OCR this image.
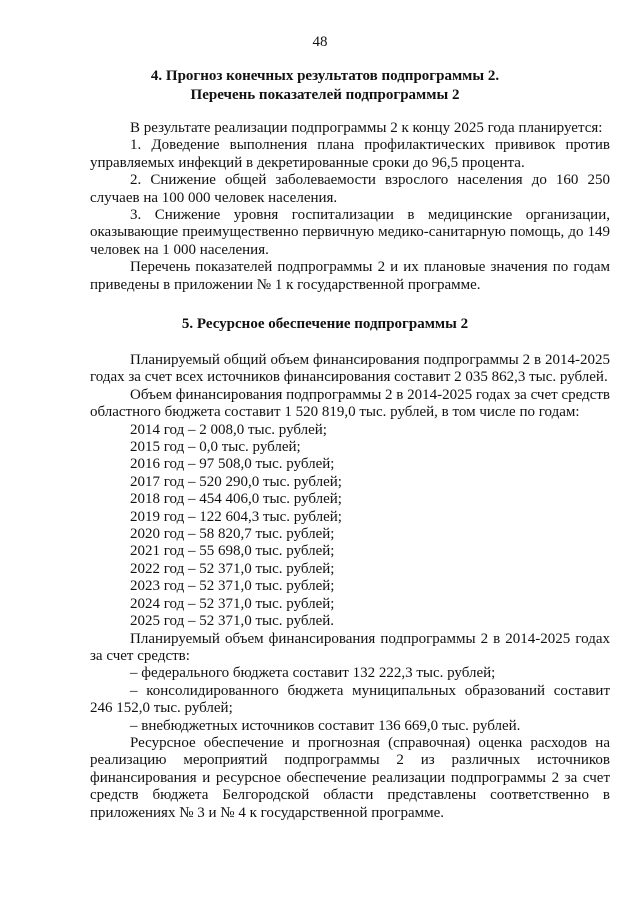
48
4. Прогноз конечных результатов подпрограммы 2.
Перечень показателей подпрограммы 2

В результате реализации подпрограммы 2 к концу 2025 года планируется:

1. Доведение выполнения плана профилактических прививок против управляемых инфекций в декретированные сроки до 96,5 процента.

2. Снижение общей заболеваемости взрослого населения до 160 250 случаев на 100 000 человек населения.

3. Снижение уровня госпитализации в медицинские организации, оказывающие преимущественно первичную медико-санитарную помощь, до 149 человек на 1 000 населения.

Перечень показателей подпрограммы 2 и их плановые значения по годам приведены в приложении № 1 к государственной программе.

5. Ресурсное обеспечение подпрограммы 2

Планируемый общий объем финансирования подпрограммы 2 в 2014-2025 годах за счет всех источников финансирования составит 2 035 862,3 тыс. рублей.

Объем финансирования подпрограммы 2 в 2014-2025 годах за счет средств областного бюджета составит 1 520 819,0 тыс. рублей, в том числе по годам:

2014 год – 2 008,0 тыс. рублей;

2015 год – 0,0 тыс. рублей;

2016 год – 97 508,0 тыс. рублей;

2017 год – 520 290,0 тыс. рублей;

2018 год – 454 406,0 тыс. рублей;

2019 год – 122 604,3 тыс. рублей;

2020 год – 58 820,7 тыс. рублей;

2021 год – 55 698,0 тыс. рублей;

2022 год – 52 371,0 тыс. рублей;

2023 год – 52 371,0 тыс. рублей;

2024 год – 52 371,0 тыс. рублей;

2025 год – 52 371,0 тыс. рублей.

Планируемый объем финансирования подпрограммы 2 в 2014-2025 годах за счет средств:

– федерального бюджета составит 132 222,3 тыс. рублей;

– консолидированного бюджета муниципальных образований составит 246 152,0 тыс. рублей;

– внебюджетных источников составит 136 669,0 тыс. рублей.

Ресурсное обеспечение и прогнозная (справочная) оценка расходов на реализацию мероприятий подпрограммы 2 из различных источников финансирования и ресурсное обеспечение реализации подпрограммы 2 за счет средств бюджета Белгородской области представлены соответственно в приложениях № 3 и № 4 к государственной программе.
